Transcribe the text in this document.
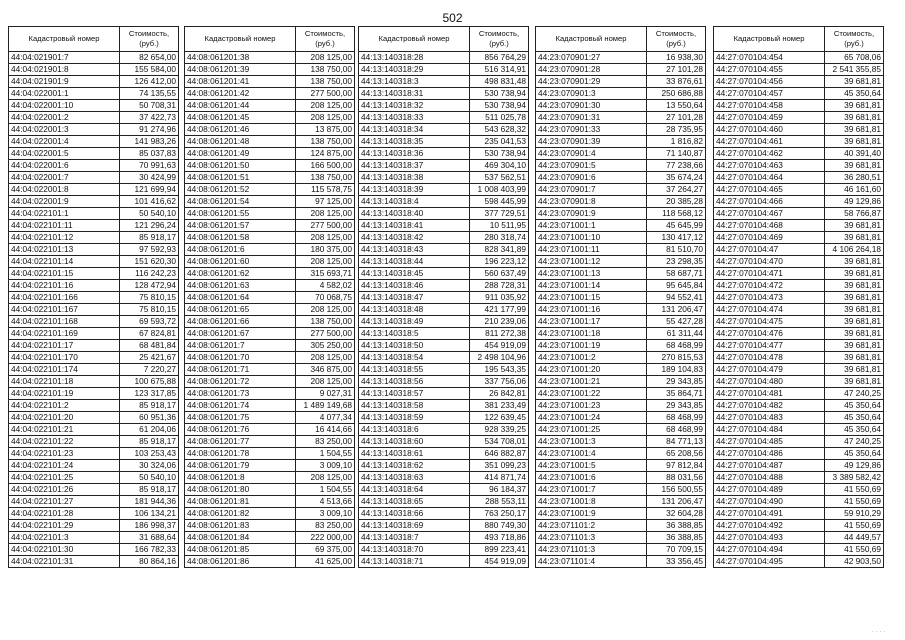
502
Кадастровый номер	Стоимость, (руб.)
44:04:021901:7	82 654,00
44:04:021901:8	155 584,00
44:04:021901:9	126 412,00
44:04:022001:1	74 135,55
44:04:022001:10	50 708,31
44:04:022001:2	37 422,73
44:04:022001:3	91 274,96
44:04:022001:4	141 983,26
44:04:022001:5	85 037,83
44:04:022001:6	70 991,63
44:04:022001:7	30 424,99
44:04:022001:8	121 699,94
44:04:022001:9	101 416,62
44:04:022101:1	50 540,10
44:04:022101:11	121 296,24
44:04:022101:12	85 918,17
44:04:022101:13	97 592,93
44:04:022101:14	151 620,30
44:04:022101:15	116 242,23
44:04:022101:16	128 472,94
44:04:022101:166	75 810,15
44:04:022101:167	75 810,15
44:04:022101:168	69 593,72
44:04:022101:169	67 824,81
44:04:022101:17	68 481,84
44:04:022101:170	25 421,67
44:04:022101:174	7 220,27
44:04:022101:18	100 675,88
44:04:022101:19	123 317,85
44:04:022101:2	85 918,17
44:04:022101:20	60 951,36
44:04:022101:21	61 204,06
44:04:022101:22	85 918,17
44:04:022101:23	103 253,43
44:04:022101:24	30 324,06
44:04:022101:25	50 540,10
44:04:022101:26	85 918,17
44:04:022101:27	181 944,36
44:04:022101:28	106 134,21
44:04:022101:29	186 998,37
44:04:022101:3	31 688,64
44:04:022101:30	166 782,33
44:04:022101:31	80 864,16
Кадастровый номер	Стоимость, (руб.)
44:08:061201:38	208 125,00
44:08:061201:39	138 750,00
44:08:061201:41	138 750,00
44:08:061201:42	277 500,00
44:08:061201:44	208 125,00
44:08:061201:45	208 125,00
44:08:061201:46	13 875,00
44:08:061201:48	138 750,00
44:08:061201:49	124 875,00
44:08:061201:50	166 500,00
44:08:061201:51	138 750,00
44:08:061201:52	115 578,75
44:08:061201:54	97 125,00
44:08:061201:55	208 125,00
44:08:061201:57	277 500,00
44:08:061201:58	208 125,00
44:08:061201:6	180 375,00
44:08:061201:60	208 125,00
44:08:061201:62	315 693,71
44:08:061201:63	4 582,02
44:08:061201:64	70 068,75
44:08:061201:65	208 125,00
44:08:061201:66	138 750,00
44:08:061201:67	277 500,00
44:08:061201:7	305 250,00
44:08:061201:70	208 125,00
44:08:061201:71	346 875,00
44:08:061201:72	208 125,00
44:08:061201:73	9 027,31
44:08:061201:74	1 489 149,68
44:08:061201:75	4 077,34
44:08:061201:76	16 414,66
44:08:061201:77	83 250,00
44:08:061201:78	1 504,55
44:08:061201:79	3 009,10
44:08:061201:8	208 125,00
44:08:061201:80	1 504,55
44:08:061201:81	4 513,66
44:08:061201:82	3 009,10
44:08:061201:83	83 250,00
44:08:061201:84	222 000,00
44:08:061201:85	69 375,00
44:08:061201:86	41 625,00
Кадастровый номер	Стоимость, (руб.)
44:13:140318:28	856 764,29
44:13:140318:29	516 314,91
44:13:140318:3	498 831,48
44:13:140318:31	530 738,94
44:13:140318:32	530 738,94
44:13:140318:33	511 025,78
44:13:140318:34	543 628,32
44:13:140318:35	235 041,53
44:13:140318:36	530 738,94
44:13:140318:37	469 304,10
44:13:140318:38	537 562,51
44:13:140318:39	1 008 403,99
44:13:140318:4	598 445,99
44:13:140318:40	377 729,51
44:13:140318:41	10 511,95
44:13:140318:42	280 318,74
44:13:140318:43	828 341,89
44:13:140318:44	196 223,12
44:13:140318:45	560 637,49
44:13:140318:46	288 728,31
44:13:140318:47	911 035,92
44:13:140318:48	421 177,99
44:13:140318:49	210 239,06
44:13:140318:5	811 272,38
44:13:140318:50	454 919,09
44:13:140318:54	2 498 104,96
44:13:140318:55	195 543,35
44:13:140318:56	337 756,06
44:13:140318:57	26 842,81
44:13:140318:58	381 233,49
44:13:140318:59	122 639,45
44:13:140318:6	928 339,25
44:13:140318:60	534 708,01
44:13:140318:61	646 882,87
44:13:140318:62	351 099,23
44:13:140318:63	414 871,74
44:13:140318:64	96 184,37
44:13:140318:65	288 553,11
44:13:140318:66	763 250,17
44:13:140318:69	880 749,30
44:13:140318:7	493 718,86
44:13:140318:70	899 223,41
44:13:140318:71	454 919,09
Кадастровый номер	Стоимость, (руб.)
44:23:070901:27	16 938,30
44:23:070901:28	27 101,28
44:23:070901:29	33 876,61
44:23:070901:3	250 686,88
44:23:070901:30	13 550,64
44:23:070901:31	27 101,28
44:23:070901:33	28 735,95
44:23:070901:39	1 816,82
44:23:070901:4	71 140,87
44:23:070901:5	77 238,66
44:23:070901:6	35 674,24
44:23:070901:7	37 264,27
44:23:070901:8	20 385,28
44:23:070901:9	118 568,12
44:23:071001:1	45 645,99
44:23:071001:10	130 417,12
44:23:071001:11	81 510,70
44:23:071001:12	23 298,35
44:23:071001:13	58 687,71
44:23:071001:14	95 645,84
44:23:071001:15	94 552,41
44:23:071001:16	131 206,47
44:23:071001:17	55 427,28
44:23:071001:18	61 311,44
44:23:071001:19	68 468,99
44:23:071001:2	270 815,53
44:23:071001:20	189 104,83
44:23:071001:21	29 343,85
44:23:071001:22	35 864,71
44:23:071001:23	29 343,85
44:23:071001:24	68 468,99
44:23:071001:25	68 468,99
44:23:071001:3	84 771,13
44:23:071001:4	65 208,56
44:23:071001:5	97 812,84
44:23:071001:6	88 031,56
44:23:071001:7	156 500,55
44:23:071001:8	131 206,47
44:23:071001:9	32 604,28
44:23:071101:2	36 388,85
44:23:071101:3	36 388,85
44:23:071101:3	70 709,15
44:23:071101:4	33 356,45
Кадастровый номер	Стоимость, (руб.)
44:27:070104:454	65 708,06
44:27:070104:455	2 541 355,85
44:27:070104:456	39 681,81
44:27:070104:457	45 350,64
44:27:070104:458	39 681,81
44:27:070104:459	39 681,81
44:27:070104:460	39 681,81
44:27:070104:461	39 681,81
44:27:070104:462	40 391,40
44:27:070104:463	39 681,81
44:27:070104:464	36 280,51
44:27:070104:465	46 161,60
44:27:070104:466	49 129,86
44:27:070104:467	58 766,87
44:27:070104:468	39 681,81
44:27:070104:469	39 681,81
44:27:070104:47	4 106 264,18
44:27:070104:470	39 681,81
44:27:070104:471	39 681,81
44:27:070104:472	39 681,81
44:27:070104:473	39 681,81
44:27:070104:474	39 681,81
44:27:070104:475	39 681,81
44:27:070104:476	39 681,81
44:27:070104:477	39 681,81
44:27:070104:478	39 681,81
44:27:070104:479	39 681,81
44:27:070104:480	39 681,81
44:27:070104:481	47 240,25
44:27:070104:482	45 350,64
44:27:070104:483	45 350,64
44:27:070104:484	45 350,64
44:27:070104:485	47 240,25
44:27:070104:486	45 350,64
44:27:070104:487	49 129,86
44:27:070104:488	3 389 582,42
44:27:070104:489	41 550,69
44:27:070104:490	41 550,69
44:27:070104:491	59 910,29
44:27:070104:492	41 550,69
44:27:070104:493	44 449,57
44:27:070104:494	41 550,69
44:27:070104:495	42 903,50
· · · ·
